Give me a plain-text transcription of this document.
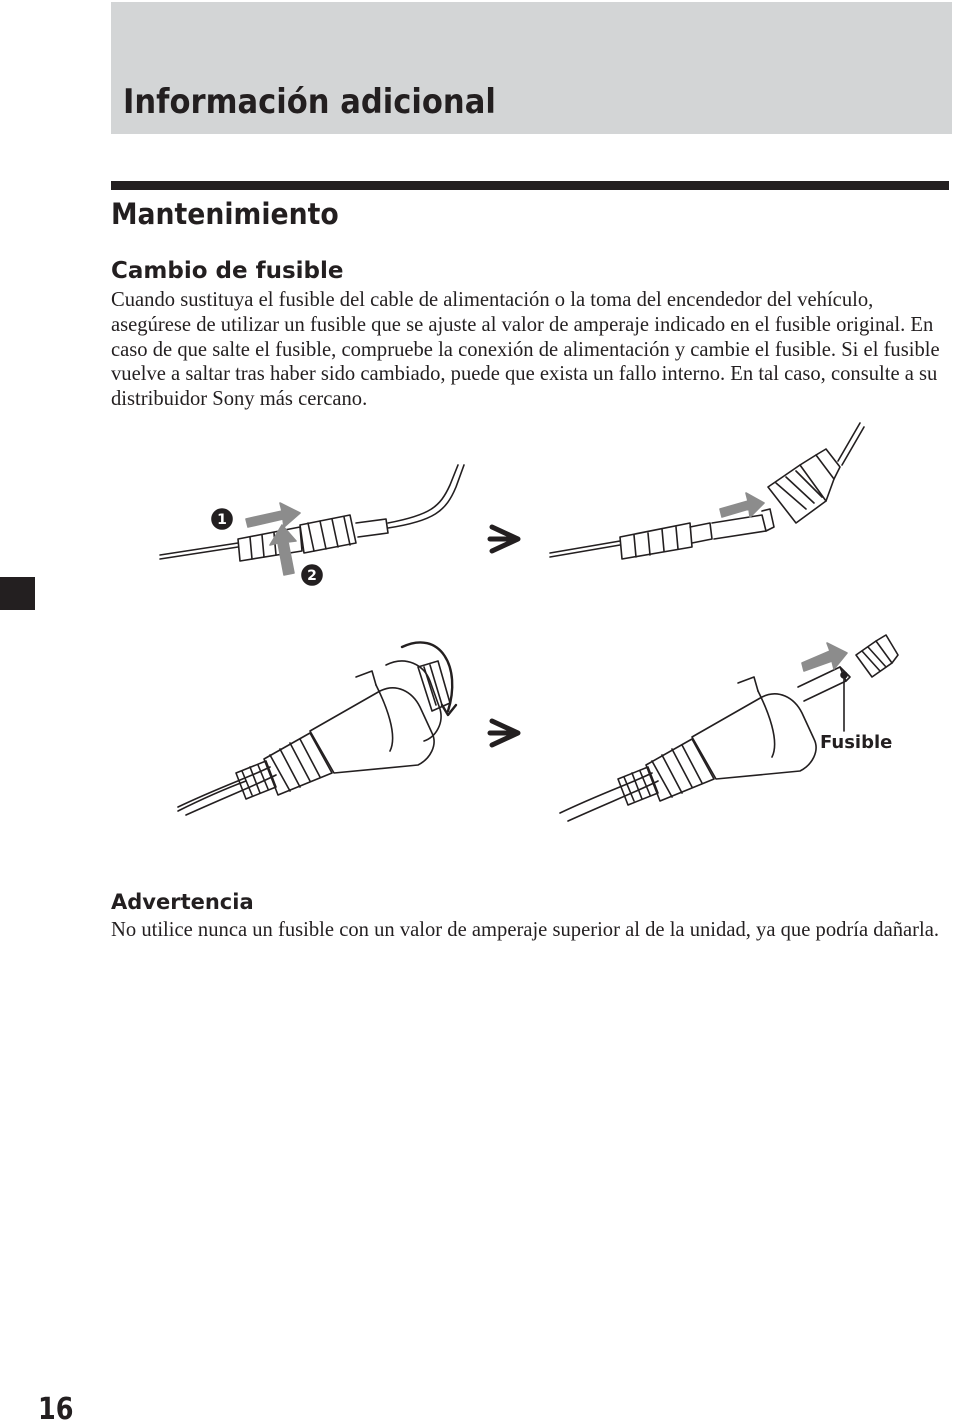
Información adicional
Mantenimiento
Cambio de fusible

Cuando sustituya el fusible del cable de alimentación o la toma del encendedor del vehículo, asegúrese de utilizar un fusible que se ajuste al valor de amperaje indicado en el fusible original. En caso de que salte el fusible, compruebe la conexión de alimentación y cambie el fusible. Si el fusible vuelve a saltar tras haber sido cambiado, puede que exista un fallo interno. En tal caso, consulte a su distribuidor Sony más cercano.

1
2

Fusible

Advertencia

No utilice nunca un fusible con un valor de amperaje superior al de la unidad, ya que podría dañarla.

16
